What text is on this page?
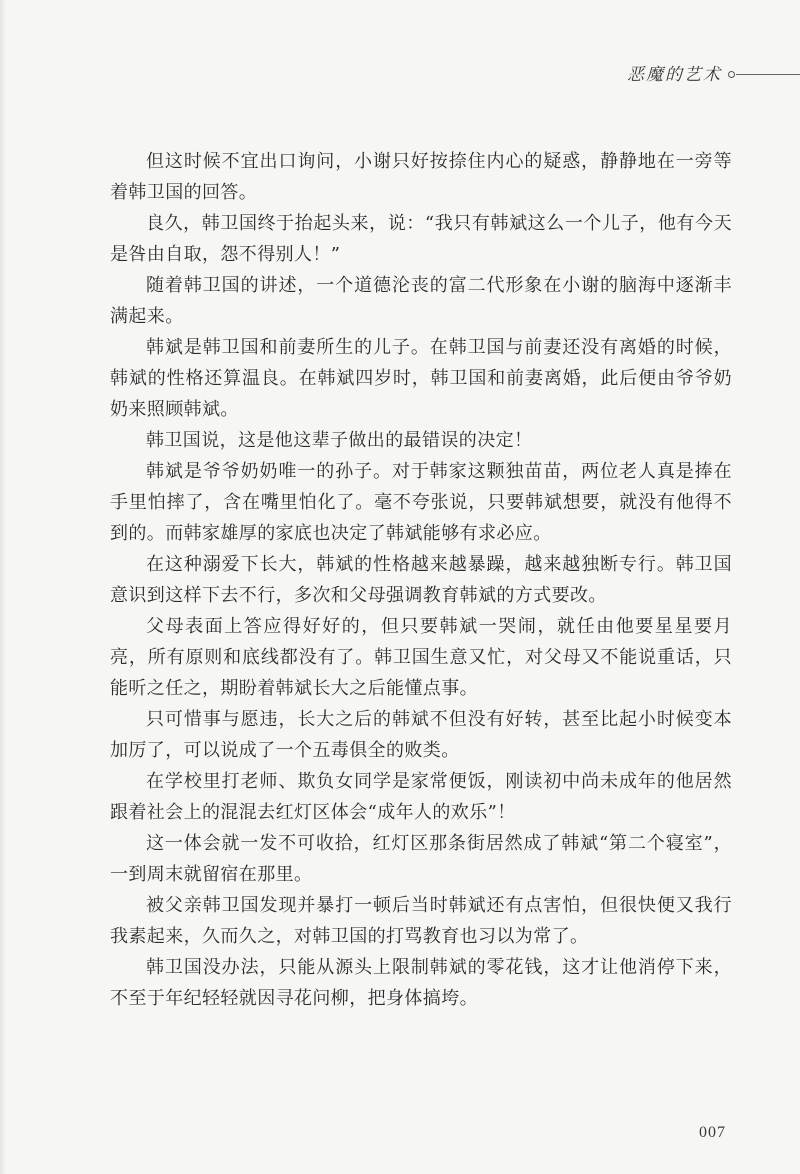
恶魔的艺术

但这时候不宜出口询问，小谢只好按捺住内心的疑惑，静静地在一旁等着韩卫国的回答。

良久，韩卫国终于抬起头来，说：“我只有韩斌这么一个儿子，他有今天是咎由自取，怨不得别人！”

随着韩卫国的讲述，一个道德沦丧的富二代形象在小谢的脑海中逐渐丰满起来。

韩斌是韩卫国和前妻所生的儿子。在韩卫国与前妻还没有离婚的时候，韩斌的性格还算温良。在韩斌四岁时，韩卫国和前妻离婚，此后便由爷爷奶奶来照顾韩斌。

韩卫国说，这是他这辈子做出的最错误的决定！

韩斌是爷爷奶奶唯一的孙子。对于韩家这颗独苗苗，两位老人真是捧在手里怕摔了，含在嘴里怕化了。毫不夸张说，只要韩斌想要，就没有他得不到的。而韩家雄厚的家底也决定了韩斌能够有求必应。

在这种溺爱下长大，韩斌的性格越来越暴躁，越来越独断专行。韩卫国意识到这样下去不行，多次和父母强调教育韩斌的方式要改。

父母表面上答应得好好的，但只要韩斌一哭闹，就任由他要星星要月亮，所有原则和底线都没有了。韩卫国生意又忙，对父母又不能说重话，只能听之任之，期盼着韩斌长大之后能懂点事。

只可惜事与愿违，长大之后的韩斌不但没有好转，甚至比起小时候变本加厉了，可以说成了一个五毒俱全的败类。

在学校里打老师、欺负女同学是家常便饭，刚读初中尚未成年的他居然跟着社会上的混混去红灯区体会“成年人的欢乐”！

这一体会就一发不可收拾，红灯区那条街居然成了韩斌“第二个寝室”，一到周末就留宿在那里。

被父亲韩卫国发现并暴打一顿后当时韩斌还有点害怕，但很快便又我行我素起来，久而久之，对韩卫国的打骂教育也习以为常了。

韩卫国没办法，只能从源头上限制韩斌的零花钱，这才让他消停下来，不至于年纪轻轻就因寻花问柳，把身体搞垮。

007
